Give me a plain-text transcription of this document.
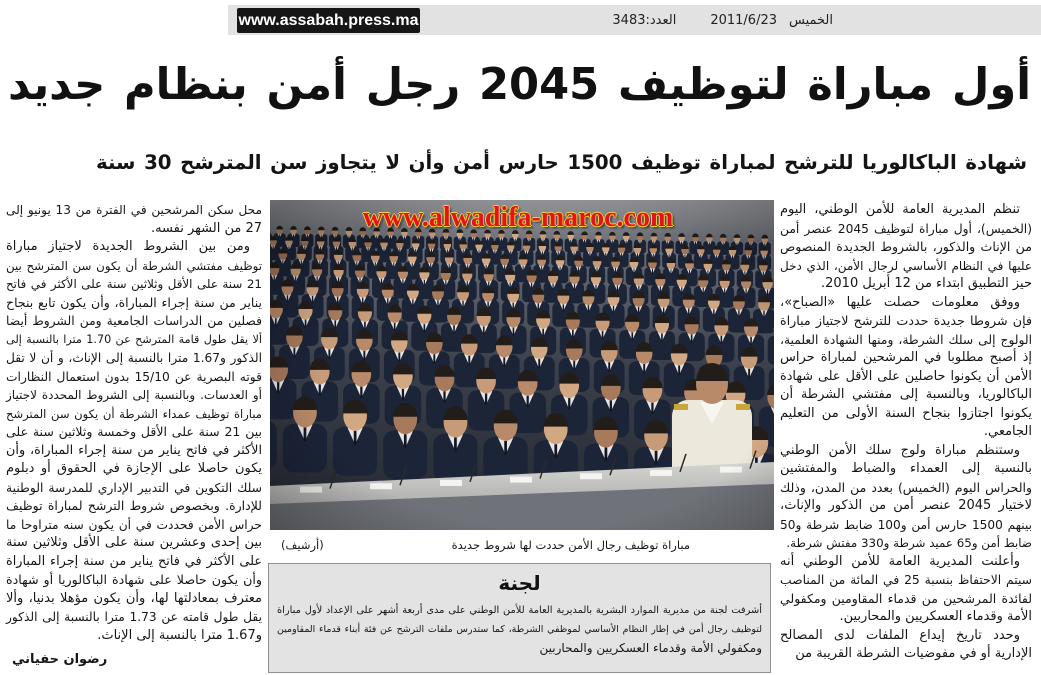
www.assabah.press.ma	الخميس
2011/6/23
العدد:3483
أول مباراة لتوظيف 2045 رجل أمن بنظام جديد
شهادة الباكالوريا للترشح لمباراة توظيف 1500 حارس أمن وأن لا يتجاوز سن المترشح 30 سنة
تنظم المديرية العامة للأمن الوطني، اليوم
(الخميس)، أول مباراة لتوظيف 2045 عنصر أمن
من الإناث والذكور، بالشروط الجديدة المنصوص
عليها في النظام الأساسي لرجال الأمن، الذي دخل
حيز التطبيق ابتداء من 12 أبريل 2010.
ووفق معلومات حصلت عليها «الصباح»،
فإن شروطا جديدة حددت للترشح لاجتياز مباراة
الولوج إلى سلك الشرطة، ومنها الشهادة العلمية،
إذ أصبح مطلوبا في المرشحين لمباراة حراس
الأمن أن يكونوا حاصلين على الأقل على شهادة
الباكالوريا، وبالنسبة إلى مفتشي الشرطة أن
يكونوا اجتازوا بنجاح السنة الأولى من التعليم
الجامعي.
وستنظم مباراة ولوج سلك الأمن الوطني
بالنسبة إلى العمداء والضباط والمفتشين
والحراس اليوم (الخميس) بعدد من المدن، وذلك
لاختيار 2045 عنصر أمن من الذكور والإناث،
بينهم 1500 حارس أمن و100 ضابط شرطة و50
ضابط أمن و65 عميد شرطة و330 مفتش شرطة.
وأعلنت المديرية العامة للأمن الوطني أنه
سيتم الاحتفاظ بنسبة 25 في المائة من المناصب
لفائدة المرشحين من قدماء المقاومين ومكفولي
الأمة وقدماء العسكريين والمحاربين.
وحدد تاريخ إيداع الملفات لدى المصالح
الإدارية أو في مفوضيات الشرطة القريبة من
www.alwadifa-maroc.com
مباراة توظيف رجال الأمن حددت لها شروط جديدة
(أرشيف)
لجنة
أشرفت لجنة من مديرية الموارد البشرية بالمديرية العامة للأمن الوطني على مدى أربعة أشهر على الإعداد لأول مباراة
لتوظيف رجال أمن في إطار النظام الأساسي لموظفي الشرطة، كما ستدرس ملفات الترشح عن فئة أبناء قدماء المقاومين
ومكفولي الأمة وقدماء العسكريين والمحاربين
محل سكن المرشحين في الفترة من 13 يونيو إلى
27 من الشهر نفسه.
ومن بين الشروط الجديدة لاجتياز مباراة
توظيف مفتشي الشرطة أن يكون سن المترشح بين
21 سنة على الأقل وثلاثين سنة على الأكثر في فاتح
يناير من سنة إجراء المباراة، وأن يكون تابع بنجاح
فصلين من الدراسات الجامعية ومن الشروط أيضا
ألا يقل طول قامة المترشح عن 1.70 مترا بالنسبة إلى
الذكور و1.67 مترا بالنسبة إلى الإناث، و أن لا تقل
قوته البصرية عن 15/10 بدون استعمال النظارات
أو العدسات. وبالنسبة إلى الشروط المحددة لاجتياز
مباراة توظيف عمداء الشرطة أن يكون سن المترشح
بين 21 سنة على الأقل وخمسة وثلاثين سنة على
الأكثر في فاتح يناير من سنة إجراء المباراة، وأن
يكون حاصلا على الإجازة في الحقوق أو دبلوم
سلك التكوين في التدبير الإداري للمدرسة الوطنية
للإدارة. وبخصوص شروط الترشح لمباراة توظيف
حراس الأمن فحددت في أن يكون سنه متراوحا ما
بين إحدى وعشرين سنة على الأقل وثلاثين سنة
على الأكثر في فاتح يناير من سنة إجراء المباراة
وأن يكون حاصلا على شهادة الباكالوريا أو شهادة
معترف بمعادلتها لها، وأن يكون مؤهلا بدنيا، وألا
يقل طول قامته عن 1.73 مترا بالنسبة إلى الذكور
و1.67 مترا بالنسبة إلى الإناث.
رضوان حفياني
